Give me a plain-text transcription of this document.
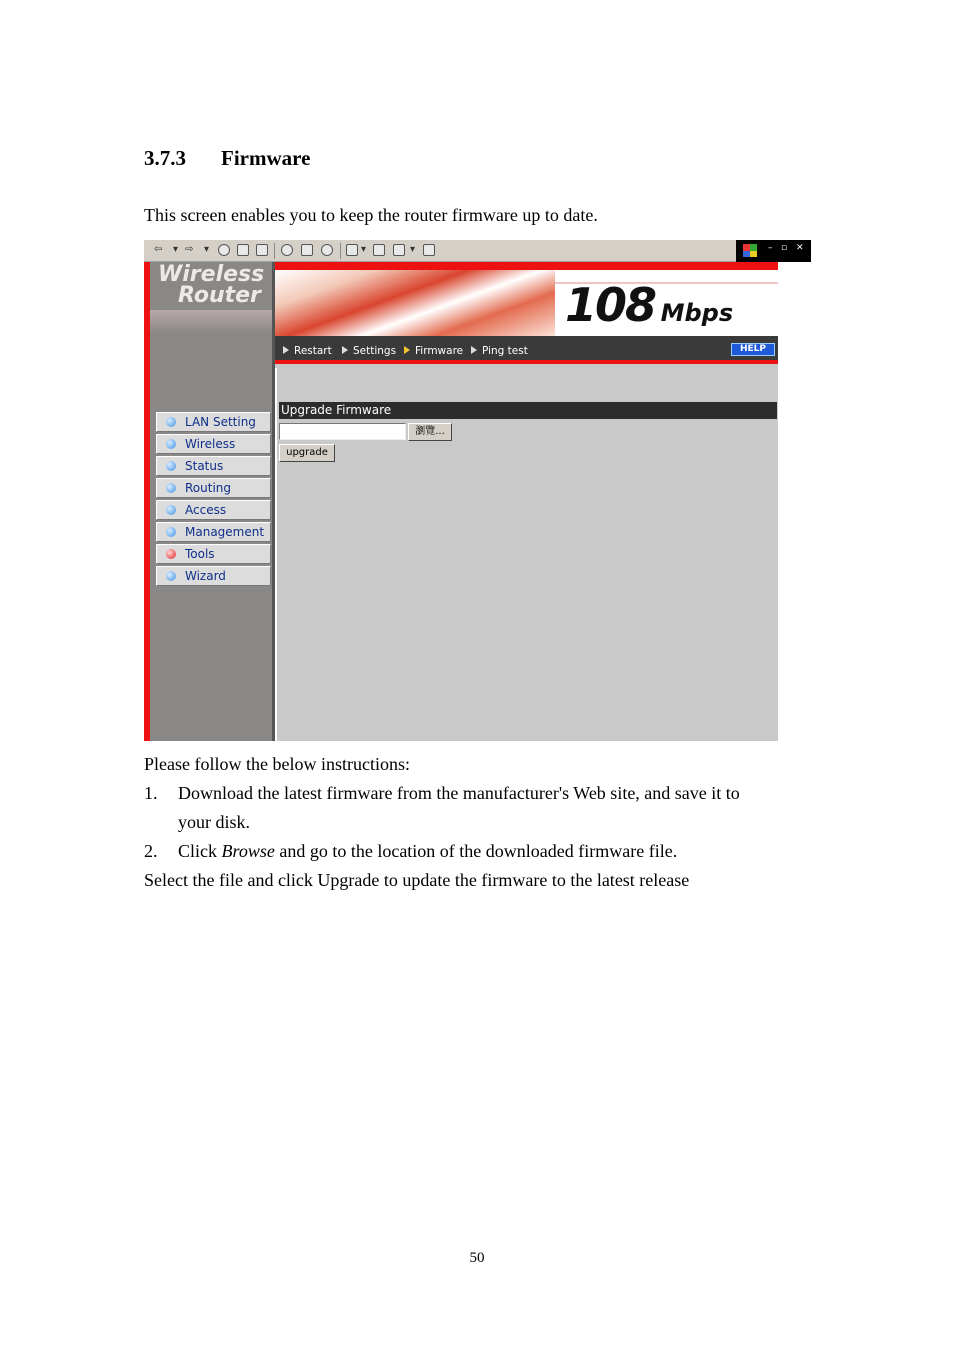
3.7.3 Firmware

This screen enables you to keep the router firmware up to date.

⇦ ▾ ⇨ ▾	▾	▾	– ▫ ✕
Wireless
Router
LAN Setting
Wireless
Status
Routing
Access
Management
Tools
Wizard
108 Mbps
Restart	Settings	Firmware	Ping test	HELP
Upgrade Firmware
瀏覽...
upgrade

Please follow the below instructions:

1. Download the latest firmware from the manufacturer's Web site, and save it to

your disk.

2. Click Browse and go to the location of the downloaded firmware file.

Select the file and click Upgrade to update the firmware to the latest release

50
